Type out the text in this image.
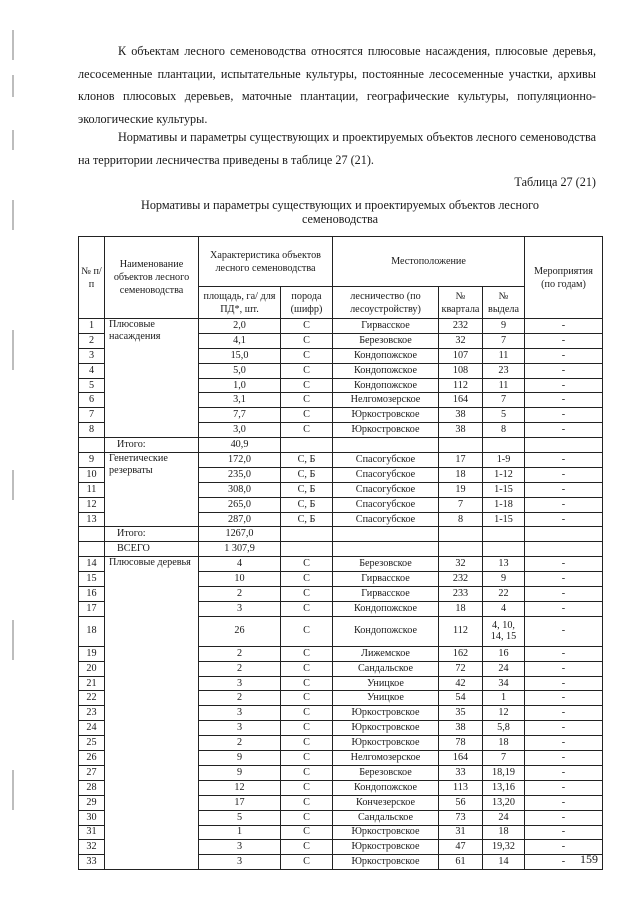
К объектам лесного семеноводства относятся плюсовые насаждения, плюсовые деревья, лесосеменные плантации, испытательные культуры, постоянные лесосеменные участки, архивы клонов плюсовых деревьев, маточные плантации, географические культуры, популяционно-экологические культуры.

Нормативы и параметры существующих и проектируемых объектов лесного семеноводства на территории лесничества приведены в таблице 27 (21).

Таблица 27 (21)
Нормативы и параметры существующих и проектируемых объектов лесного семеноводства
№ п/п	Наименование объектов лесного семеноводства	Характеристика объектов лесного семеноводства		Местоположение			Мероприятия (по годам)
		площадь, га/ для ПД*, шт.	порода (шифр)	лесничество (по лесоустройству)	№ квартала	№ выдела	
1	Плюсовые насаждения	2,0	С	Гирвасское	232	9	-
2		4,1	С	Березовское	32	7	-
3		15,0	С	Кондопожское	107	11	-
4		5,0	С	Кондопожское	108	23	-
5		1,0	С	Кондопожское	112	11	-
6		3,1	С	Нелгомозерское	164	7	-
7		7,7	С	Юркостровское	38	5	-
8		3,0	С	Юркостровское	38	8	-
	Итого:	40,9					
9	Генетические резерваты	172,0	С, Б	Спасогубское	17	1-9	-
10		235,0	С, Б	Спасогубское	18	1-12	-
11		308,0	С, Б	Спасогубское	19	1-15	-
12		265,0	С, Б	Спасогубское	7	1-18	-
13		287,0	С, Б	Спасогубское	8	1-15	-
	Итого:	1267,0					
	ВСЕГО	1 307,9					
14	Плюсовые деревья	4	С	Березовское	32	13	-
15		10	С	Гирвасское	232	9	-
16		2	С	Гирвасское	233	22	-
17		3	С	Кондопожское	18	4	-
18		26	С	Кондопожское	112	4, 10, 14, 15	-
19		2	С	Лижемское	162	16	-
20		2	С	Сандальское	72	24	-
21		3	С	Уницкое	42	34	-
22		2	С	Уницкое	54	1	-
23		3	С	Юркостровское	35	12	-
24		3	С	Юркостровское	38	5,8	-
25		2	С	Юркостровское	78	18	-
26		9	С	Нелгомозерское	164	7	-
27		9	С	Березовское	33	18,19	-
28		12	С	Кондопожское	113	13,16	-
29		17	С	Кончезерское	56	13,20	-
30		5	С	Сандальское	73	24	-
31		1	С	Юркостровское	31	18	-
32		3	С	Юркостровское	47	19,32	-
33		3	С	Юркостровское	61	14	- 159
